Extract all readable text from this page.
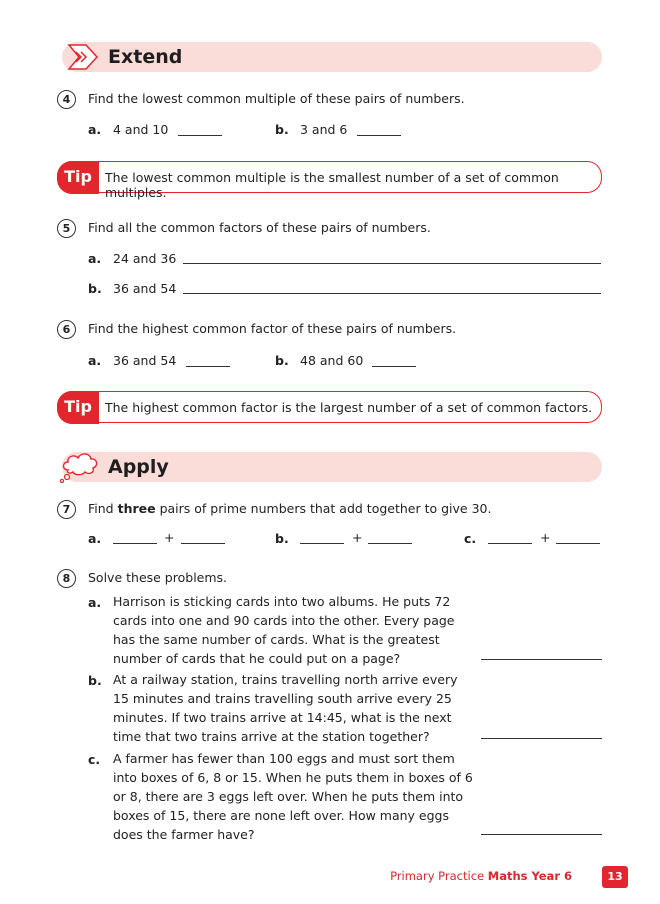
Extend
4	Find the lowest common multiple of these pairs of numbers.
a. 4 and 10	b. 3 and 6
Tip	The lowest common multiple is the smallest number of a set of common multiples.
5	Find all the common factors of these pairs of numbers.
a. 24 and 36
b. 36 and 54
6	Find the highest common factor of these pairs of numbers.
a. 36 and 54	b. 48 and 60
Tip	The highest common factor is the largest number of a set of common factors.
Apply
7	Find three pairs of prime numbers that add together to give 30.
a.	+	b.	+	c.	+
8	Solve these problems.
a. Harrison is sticking cards into two albums. He puts 72 cards into one and 90 cards into the other. Every page has the same number of cards. What is the greatest number of cards that he could put on a page?
b. At a railway station, trains travelling north arrive every 15 minutes and trains travelling south arrive every 25 minutes. If two trains arrive at 14:45, what is the next time that two trains arrive at the station together?
c. A farmer has fewer than 100 eggs and must sort them into boxes of 6, 8 or 15. When he puts them in boxes of 6 or 8, there are 3 eggs left over. When he puts them into boxes of 15, there are none left over. How many eggs does the farmer have?
Primary Practice Maths Year 6	13
